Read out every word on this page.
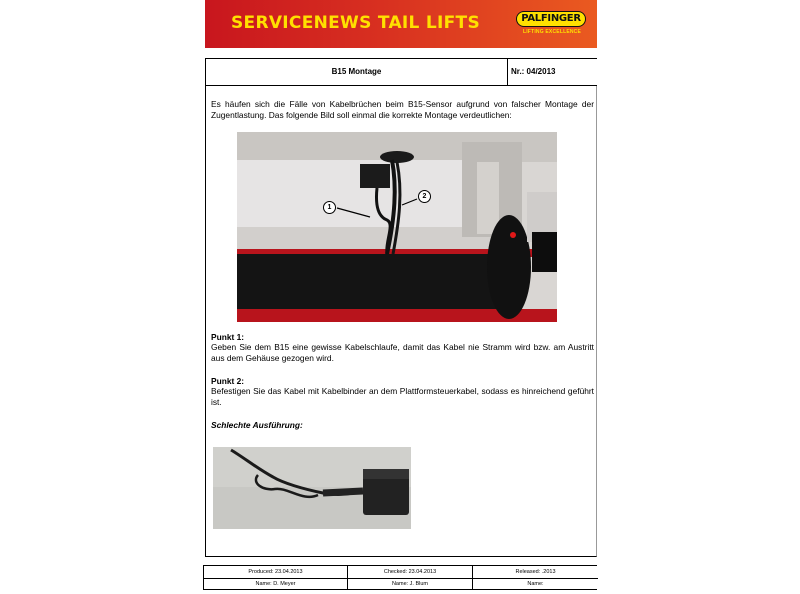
SERVICENEWS TAIL LIFTS	PALFINGER
LIFTING EXCELLENCE
B15 Montage	Nr.: 04/2013
Es häufen sich die Fälle von Kabelbrüchen beim B15-Sensor aufgrund von falscher Montage der Zugentlastung. Das folgende Bild soll einmal die korrekte Montage verdeutlichen:
1
2
Punkt 1:
Geben Sie dem B15 eine gewisse Kabelschlaufe, damit das Kabel nie Stramm wird bzw. am Austritt aus dem Gehäuse gezogen wird.
Punkt 2:
Befestigen Sie das Kabel mit Kabelbinder an dem Plattformsteuerkabel, sodass es hinreichend geführt ist.
Schlechte Ausführung:
Produced: 23.04.2013	Checked: 23.04.2013	Released: .2013
Name: D. Meyer	Name: J. Blum	Name:
